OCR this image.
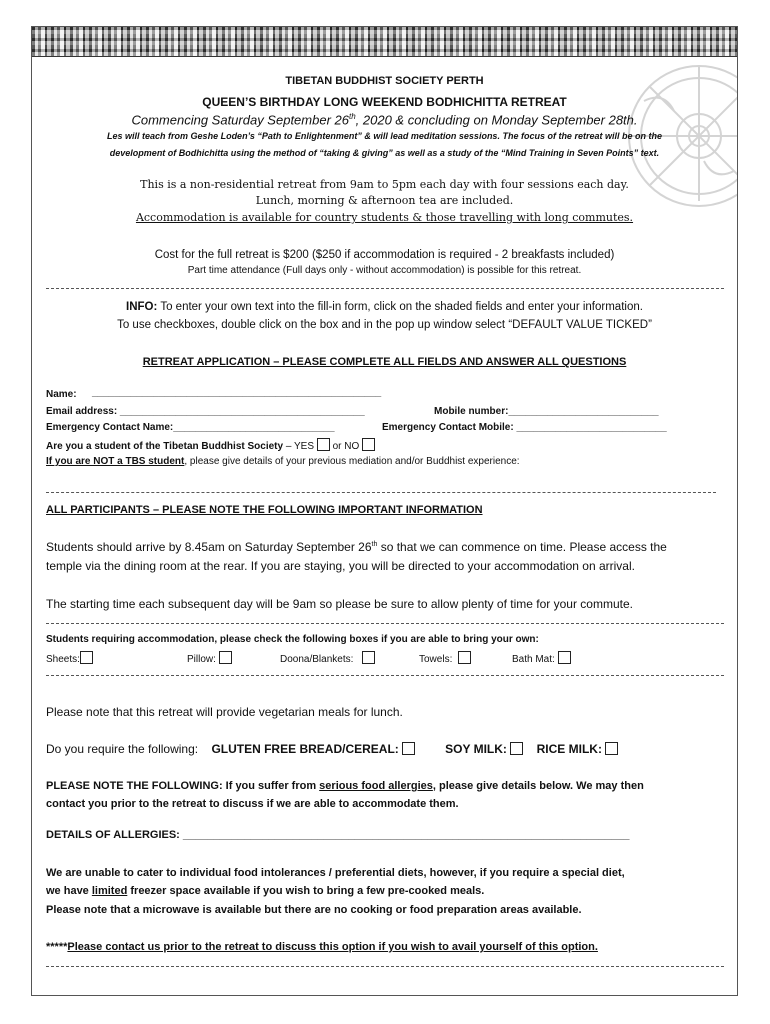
TIBETAN BUDDHIST SOCIETY PERTH
QUEEN’S BIRTHDAY LONG WEEKEND BODHICHITTA RETREAT
Commencing Saturday September 26th, 2020 & concluding on Monday September 28th.
Les will teach from Geshe Loden’s “Path to Enlightenment” & will lead meditation sessions. The focus of the retreat will be on the
development of Bodhichitta using the method of “taking & giving” as well as a study of the “Mind Training in Seven Points” text.
This is a non-residential retreat from 9am to 5pm each day with four sessions each day.
Lunch, morning & afternoon tea are included.
Accommodation is available for country students & those travelling with long commutes.
Cost for the full retreat is $200 ($250 if accommodation is required - 2 breakfasts included)
Part time attendance (Full days only - without accommodation) is possible for this retreat.
INFO: To enter your own text into the fill-in form, click on the shaded fields and enter your information.
To use checkboxes, double click on the box and in the pop up window select “DEFAULT VALUE TICKED”
RETREAT APPLICATION – PLEASE COMPLETE ALL FIELDS AND ANSWER ALL QUESTIONS
Name: ____________________________________________________
Email address: ____________________________________________	Mobile number:___________________________
Emergency Contact Name:_____________________________	Emergency Contact Mobile: ___________________________
Are you a student of the Tibetan Buddhist Society – YES  or NO
If you are NOT a TBS student, please give details of your previous mediation and/or Buddhist experience:
ALL PARTICIPANTS – PLEASE NOTE THE FOLLOWING IMPORTANT INFORMATION
Students should arrive by 8.45am on Saturday September 26th so that we can commence on time. Please access the
temple via the dining room at the rear. If you are staying, you will be directed to your accommodation on arrival.
The starting time each subsequent day will be 9am so please be sure to allow plenty of time for your commute.
Students requiring accommodation, please check the following boxes if you are able to bring your own:
Sheets:	Pillow:	Doona/Blankets:	Towels:	Bath Mat:
Please note that this retreat will provide vegetarian meals for lunch.
Do you require the following: GLUTEN FREE BREAD/CEREAL:	SOY MILK: RICE MILK:
PLEASE NOTE THE FOLLOWING: If you suffer from serious food allergies, please give details below. We may then
contact you prior to the retreat to discuss if we are able to accommodate them.
DETAILS OF ALLERGIES: _________________________________________________________________________
We are unable to cater to individual food intolerances / preferential diets, however, if you require a special diet,
we have limited freezer space available if you wish to bring a few pre-cooked meals.
Please note that a microwave is available but there are no cooking or food preparation areas available.
*****Please contact us prior to the retreat to discuss this option if you wish to avail yourself of this option.
